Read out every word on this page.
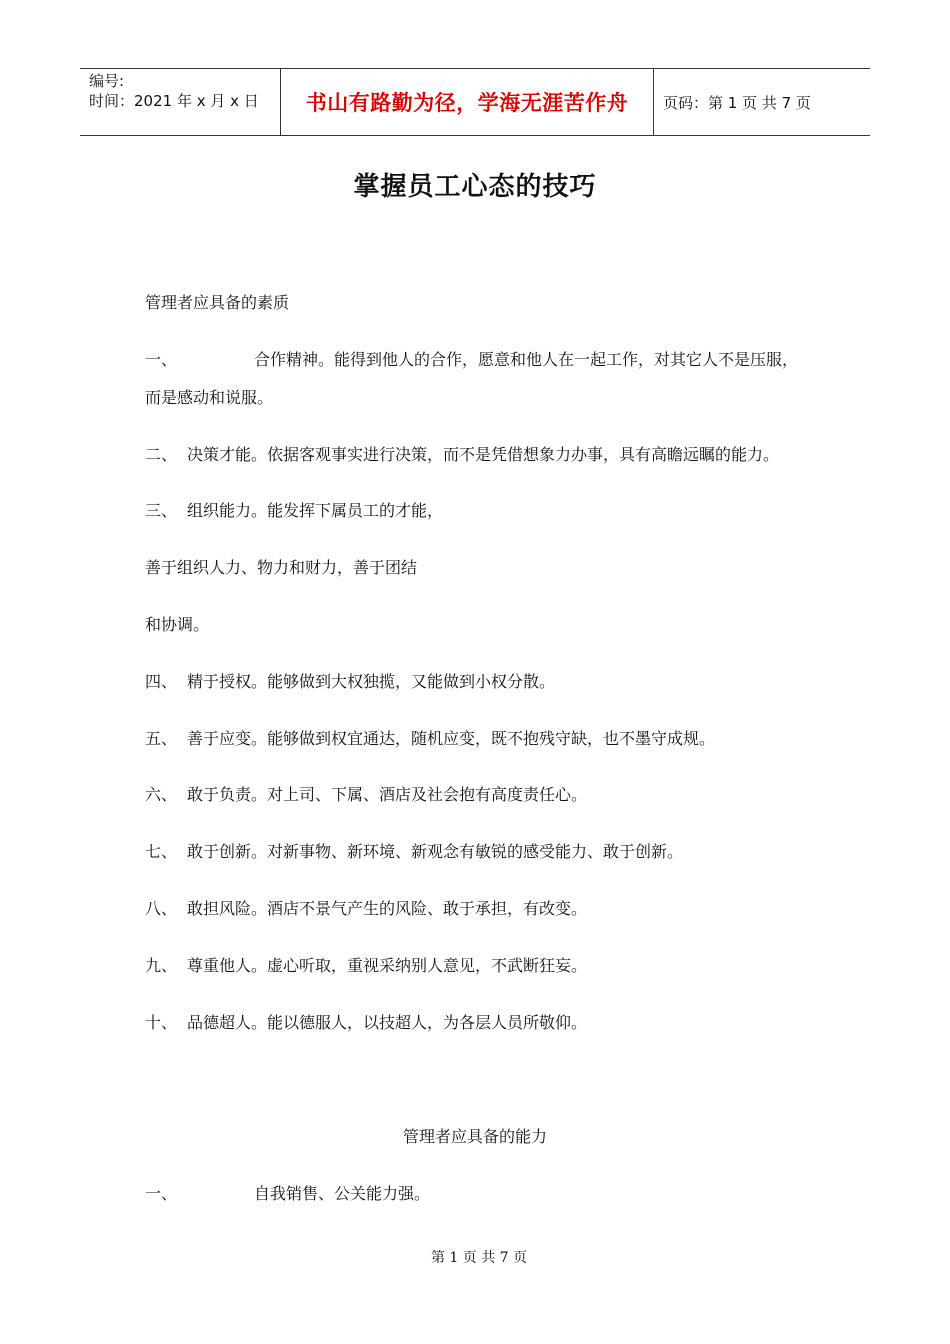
编号:
时间：2021 年 x 月 x 日	书山有路勤为径，学海无涯苦作舟 页码：第 1 页 共 7 页
掌握员工心态的技巧
管理者应具备的素质
一、	合作精神。能得到他人的合作，愿意和他人在一起工作，对其它人不是压服，
而是感动和说服。
二、 决策才能。依据客观事实进行决策，而不是凭借想象力办事，具有高瞻远瞩的能力。
三、 组织能力。能发挥下属员工的才能，
善于组织人力、物力和财力，善于团结
和协调。
四、 精于授权。能够做到大权独揽，又能做到小权分散。
五、 善于应变。能够做到权宜通达，随机应变，既不抱残守缺，也不墨守成规。
六、 敢于负责。对上司、下属、酒店及社会抱有高度责任心。
七、 敢于创新。对新事物、新环境、新观念有敏锐的感受能力、敢于创新。
八、 敢担风险。酒店不景气产生的风险、敢于承担，有改变。
九、 尊重他人。虚心听取，重视采纳别人意见，不武断狂妄。
十、 品德超人。能以德服人，以技超人，为各层人员所敬仰。
管理者应具备的能力
一、	自我销售、公关能力强。
第 1 页 共 7 页
